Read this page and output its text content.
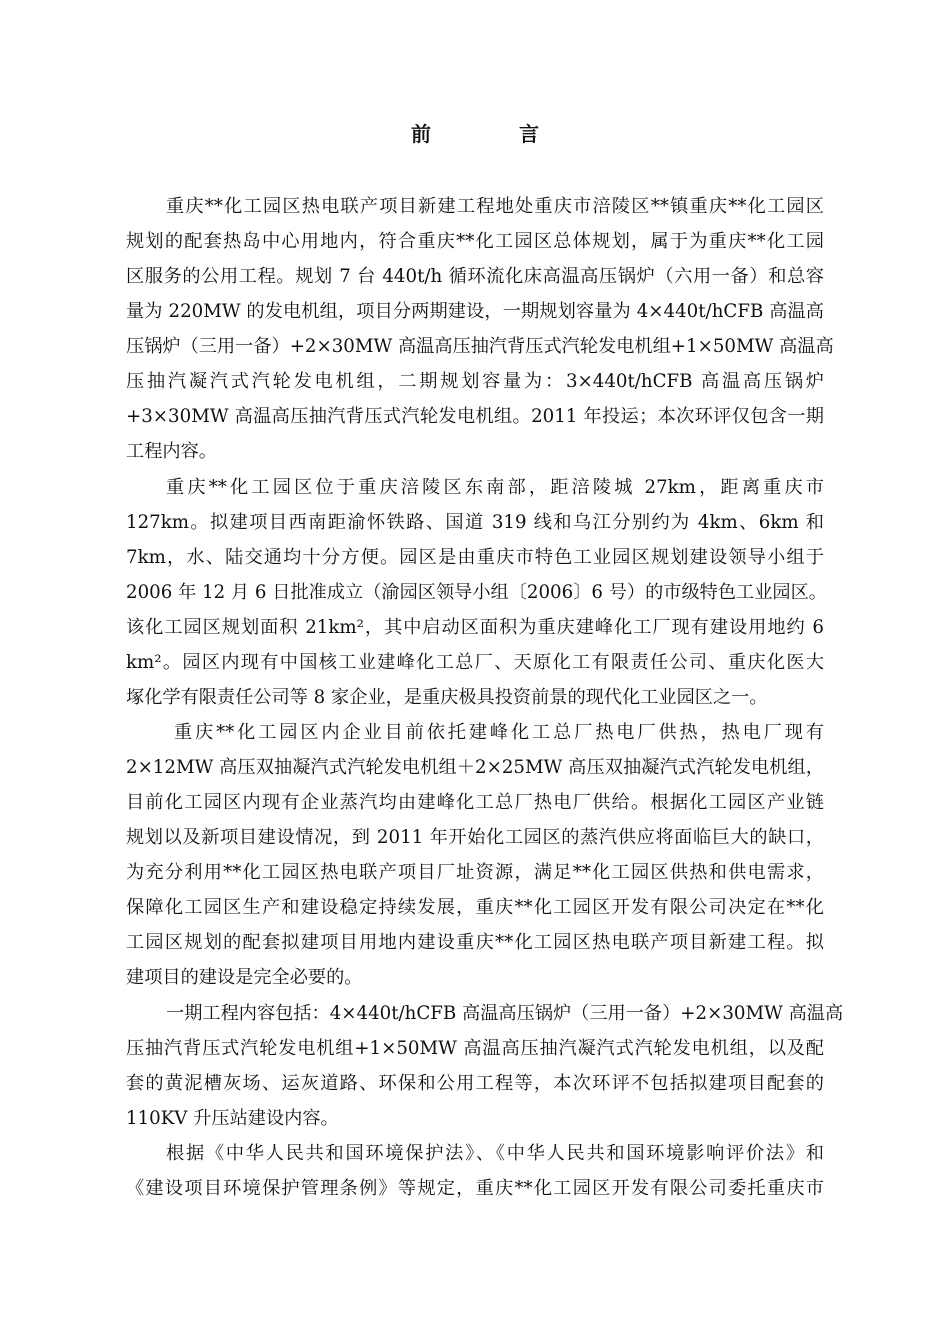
前　言
重庆**化工园区热电联产项目新建工程地处重庆市涪陵区**镇重庆**化工园区
规划的配套热岛中心用地内，符合重庆**化工园区总体规划，属于为重庆**化工园
区服务的公用工程。规划 7 台 440t/h 循环流化床高温高压锅炉（六用一备）和总容
量为 220MW 的发电机组，项目分两期建设，一期规划容量为 4×440t/hCFB 高温高
压锅炉（三用一备）+2×30MW 高温高压抽汽背压式汽轮发电机组+1×50MW 高温高
压抽汽凝汽式汽轮发电机组，二期规划容量为：3×440t/hCFB 高温高压锅炉
+3×30MW 高温高压抽汽背压式汽轮发电机组。2011 年投运；本次环评仅包含一期
工程内容。
重庆**化工园区位于重庆涪陵区东南部，距涪陵城 27km，距离重庆市
127km。拟建项目西南距渝怀铁路、国道 319 线和乌江分别约为 4km、6km 和
7km，水、陆交通均十分方便。园区是由重庆市特色工业园区规划建设领导小组于
2006 年 12 月 6 日批准成立（渝园区领导小组〔2006〕6 号）的市级特色工业园区。
该化工园区规划面积 21km²，其中启动区面积为重庆建峰化工厂现有建设用地约 6
km²。园区内现有中国核工业建峰化工总厂、天原化工有限责任公司、重庆化医大
塚化学有限责任公司等 8 家企业，是重庆极具投资前景的现代化工业园区之一。
重庆**化工园区内企业目前依托建峰化工总厂热电厂供热，热电厂现有
2×12MW 高压双抽凝汽式汽轮发电机组＋2×25MW 高压双抽凝汽式汽轮发电机组，
目前化工园区内现有企业蒸汽均由建峰化工总厂热电厂供给。根据化工园区产业链
规划以及新项目建设情况，到 2011 年开始化工园区的蒸汽供应将面临巨大的缺口，
为充分利用**化工园区热电联产项目厂址资源，满足**化工园区供热和供电需求，
保障化工园区生产和建设稳定持续发展，重庆**化工园区开发有限公司决定在**化
工园区规划的配套拟建项目用地内建设重庆**化工园区热电联产项目新建工程。拟
建项目的建设是完全必要的。
一期工程内容包括：4×440t/hCFB 高温高压锅炉（三用一备）+2×30MW 高温高
压抽汽背压式汽轮发电机组+1×50MW 高温高压抽汽凝汽式汽轮发电机组，以及配
套的黄泥槽灰场、运灰道路、环保和公用工程等，本次环评不包括拟建项目配套的
110KV 升压站建设内容。
根据《中华人民共和国环境保护法》、《中华人民共和国环境影响评价法》和
《建设项目环境保护管理条例》等规定，重庆**化工园区开发有限公司委托重庆市
